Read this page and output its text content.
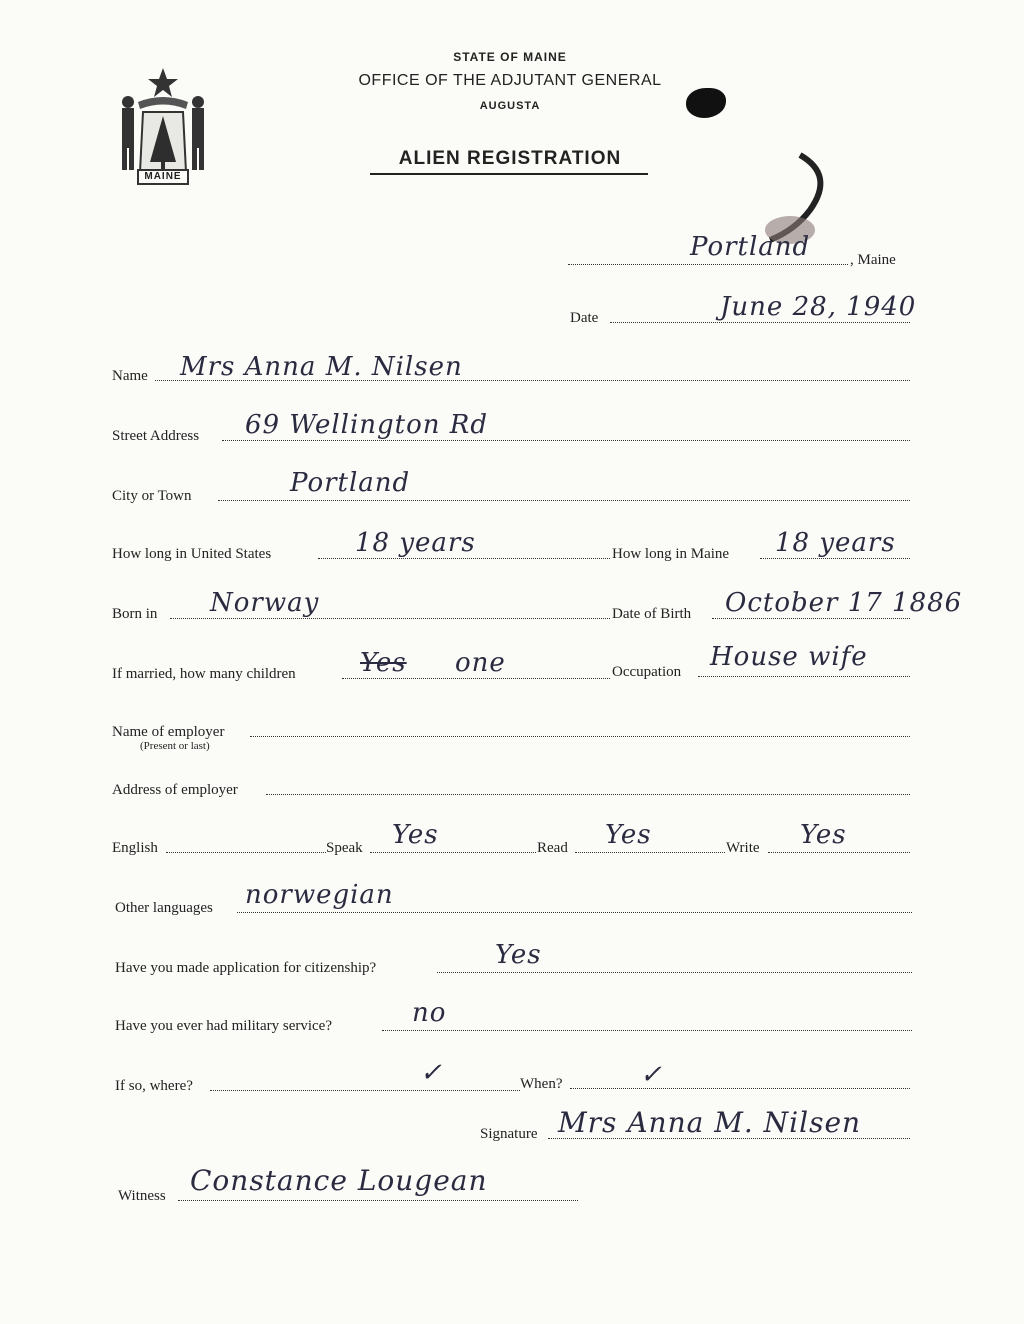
MAINE
STATE OF MAINE
OFFICE OF THE ADJUTANT GENERAL
AUGUSTA
ALIEN REGISTRATION
Portland	, Maine
Date	June 28, 1940
Name Mrs Anna M. Nilsen
Street Address 69 Wellington Rd
City or Town	Portland
How long in United States	18 years	How long in Maine 18 years
Born in Norway	Date of Birth October 17 1886
If married, how many children Yes one	Occupation House wife
Name of employer
(Present or last)
Address of employer
English	Speak Yes	Read Yes	Write Yes
Other languages norwegian
Have you made application for citizenship?	Yes
Have you ever had military service?	no
If so, where?	✓	When?	✓
Signature Mrs Anna M. Nilsen
Witness Constance Lougean
